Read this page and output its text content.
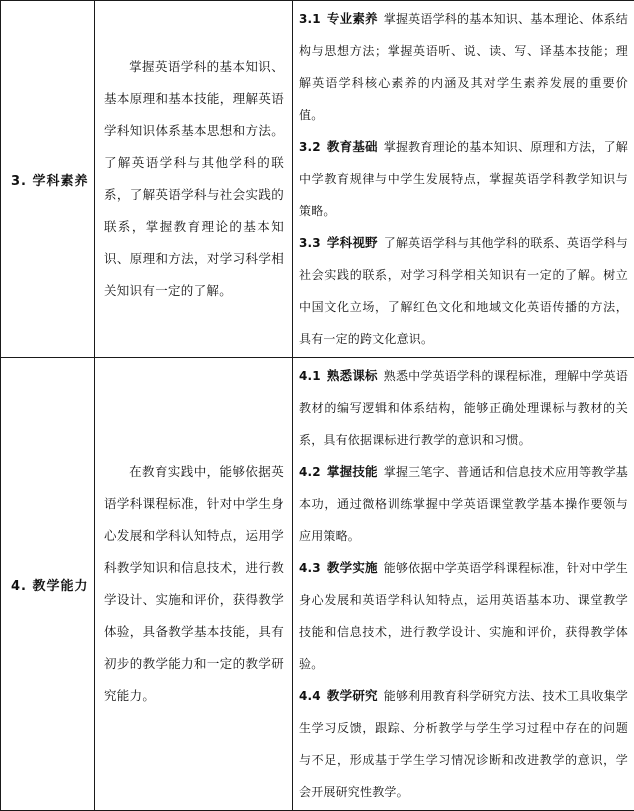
3. 学科素养	掌握英语学科的基本知识、基本原理和基本技能，理解英语学科知识体系基本思想和方法。了解英语学科与其他学科的联系，了解英语学科与社会实践的联系，掌握教育理论的基本知识、原理和方法，对学习科学相关知识有一定的了解。	3.1 专业素养 掌握英语学科的基本知识、基本理论、体系结构与思想方法；掌握英语听、说、读、写、译基本技能；理解英语学科核心素养的内涵及其对学生素养发展的重要价值。
3.2 教育基础 掌握教育理论的基本知识、原理和方法，了解中学教育规律与中学生发展特点，掌握英语学科教学知识与策略。
3.3 学科视野 了解英语学科与其他学科的联系、英语学科与社会实践的联系，对学习科学相关知识有一定的了解。树立中国文化立场，了解红色文化和地域文化英语传播的方法，具有一定的跨文化意识。

4. 教学能力	在教育实践中，能够依据英语学科课程标准，针对中学生身心发展和学科认知特点，运用学科教学知识和信息技术，进行教学设计、实施和评价，获得教学体验，具备教学基本技能，具有初步的教学能力和一定的教学研究能力。	4.1 熟悉课标 熟悉中学英语学科的课程标准，理解中学英语教材的编写逻辑和体系结构，能够正确处理课标与教材的关系，具有依据课标进行教学的意识和习惯。
4.2 掌握技能 掌握三笔字、普通话和信息技术应用等教学基本功，通过微格训练掌握中学英语课堂教学基本操作要领与应用策略。
4.3 教学实施 能够依据中学英语学科课程标准，针对中学生身心发展和英语学科认知特点，运用英语基本功、课堂教学技能和信息技术，进行教学设计、实施和评价，获得教学体验。
4.4 教学研究 能够利用教育科学研究方法、技术工具收集学生学习反馈，跟踪、分析教学与学生学习过程中存在的问题与不足，形成基于学生学习情况诊断和改进教学的意识，学会开展研究性教学。
